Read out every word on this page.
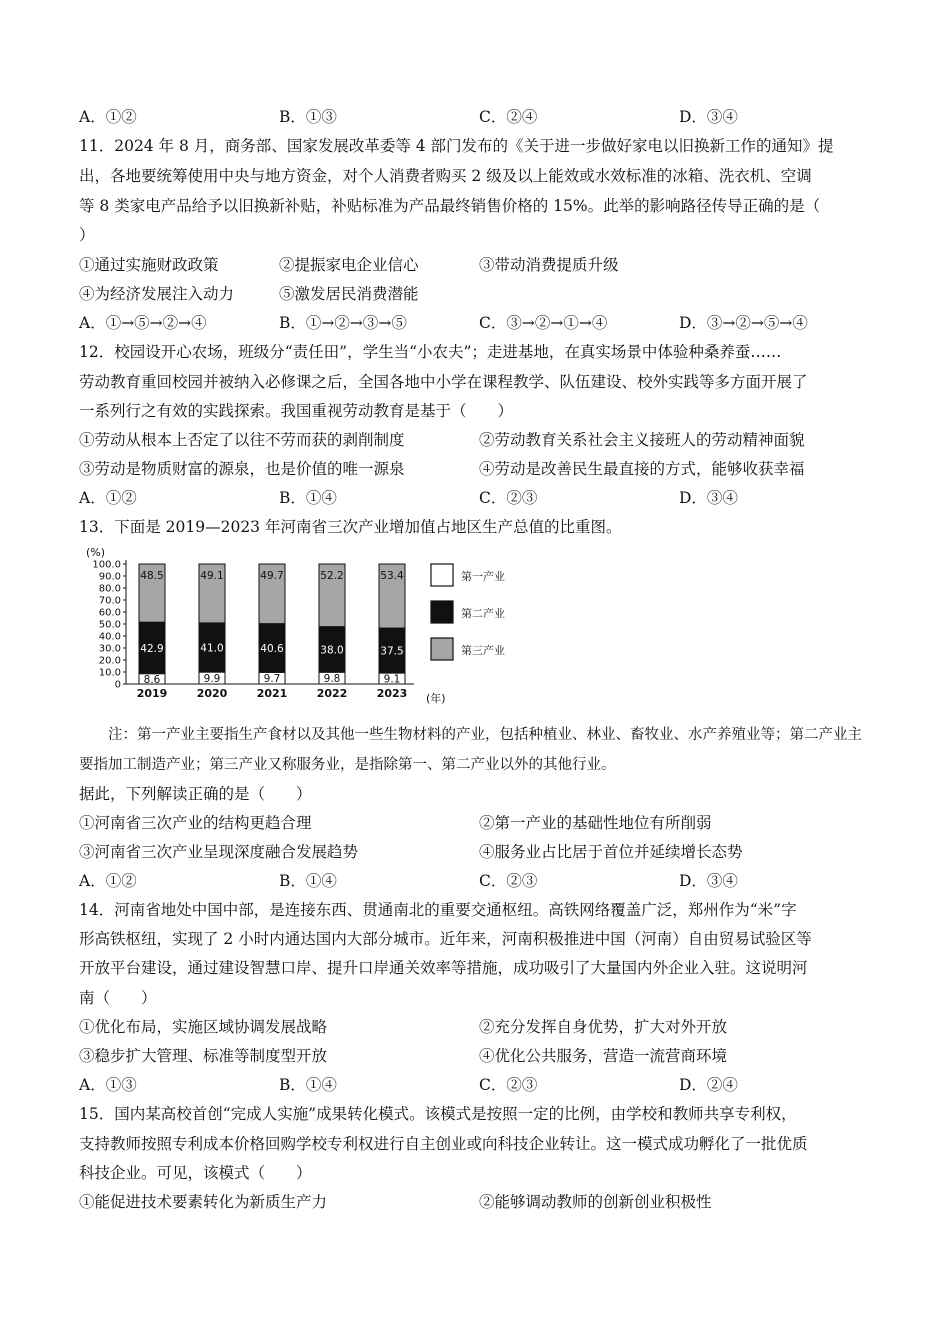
A．①②	B．①③	C．②④	D．③④
11．2024 年 8 月，商务部、国家发展改革委等 4 部门发布的《关于进一步做好家电以旧换新工作的通知》提
出，各地要统筹使用中央与地方资金，对个人消费者购买 2 级及以上能效或水效标准的冰箱、洗衣机、空调
等 8 类家电产品给予以旧换新补贴，补贴标准为产品最终销售价格的 15%。此举的影响路径传导正确的是（
）
①通过实施财政政策	②提振家电企业信心	③带动消费提质升级
④为经济发展注入动力	⑤激发居民消费潜能
A．①→⑤→②→④	B．①→②→③→⑤	C．③→②→①→④	D．③→②→⑤→④
12．校园设开心农场，班级分“责任田”，学生当“小农夫”；走进基地，在真实场景中体验种桑养蚕……
劳动教育重回校园并被纳入必修课之后，全国各地中小学在课程教学、队伍建设、校外实践等多方面开展了
一系列行之有效的实践探索。我国重视劳动教育是基于（　　）
①劳动从根本上否定了以往不劳而获的剥削制度	②劳动教育关系社会主义接班人的劳动精神面貌
③劳动是物质财富的源泉，也是价值的唯一源泉	④劳动是改善民生最直接的方式，能够收获幸福
A．①②	B．①④	C．②③	D．③④
13．下面是 2019—2023 年河南省三次产业增加值占地区生产总值的比重图。
(%)
100.0
90.0
80.0
70.0
60.0
50.0
40.0
30.0
20.0
10.0
0 8.6
42.9
48.5
9.9
41.0
49.1
9.7
40.6
49.7
9.8
38.0
52.2
9.1
37.5
53.4
2019	2020	2021	2022	2023 (年)
第一产业
第二产业
第三产业
注：第一产业主要指生产食材以及其他一些生物材料的产业，包括种植业、林业、畜牧业、水产养殖业等；第二产业主要指加工制造产业；第三产业又称服务业，是指除第一、第二产业以外的其他行业。
据此，下列解读正确的是（　　）
①河南省三次产业的结构更趋合理	②第一产业的基础性地位有所削弱
③河南省三次产业呈现深度融合发展趋势	④服务业占比居于首位并延续增长态势
A．①②	B．①④	C．②③	D．③④
14．河南省地处中国中部，是连接东西、贯通南北的重要交通枢纽。高铁网络覆盖广泛，郑州作为“米”字
形高铁枢纽，实现了 2 小时内通达国内大部分城市。近年来，河南积极推进中国（河南）自由贸易试验区等
开放平台建设，通过建设智慧口岸、提升口岸通关效率等措施，成功吸引了大量国内外企业入驻。这说明河
南（　　）
①优化布局，实施区域协调发展战略	②充分发挥自身优势，扩大对外开放
③稳步扩大管理、标准等制度型开放	④优化公共服务，营造一流营商环境
A．①③	B．①④	C．②③	D．②④
15．国内某高校首创“完成人实施”成果转化模式。该模式是按照一定的比例，由学校和教师共享专利权，
支持教师按照专利成本价格回购学校专利权进行自主创业或向科技企业转让。这一模式成功孵化了一批优质
科技企业。可见，该模式（　　）
①能促进技术要素转化为新质生产力	②能够调动教师的创新创业积极性
